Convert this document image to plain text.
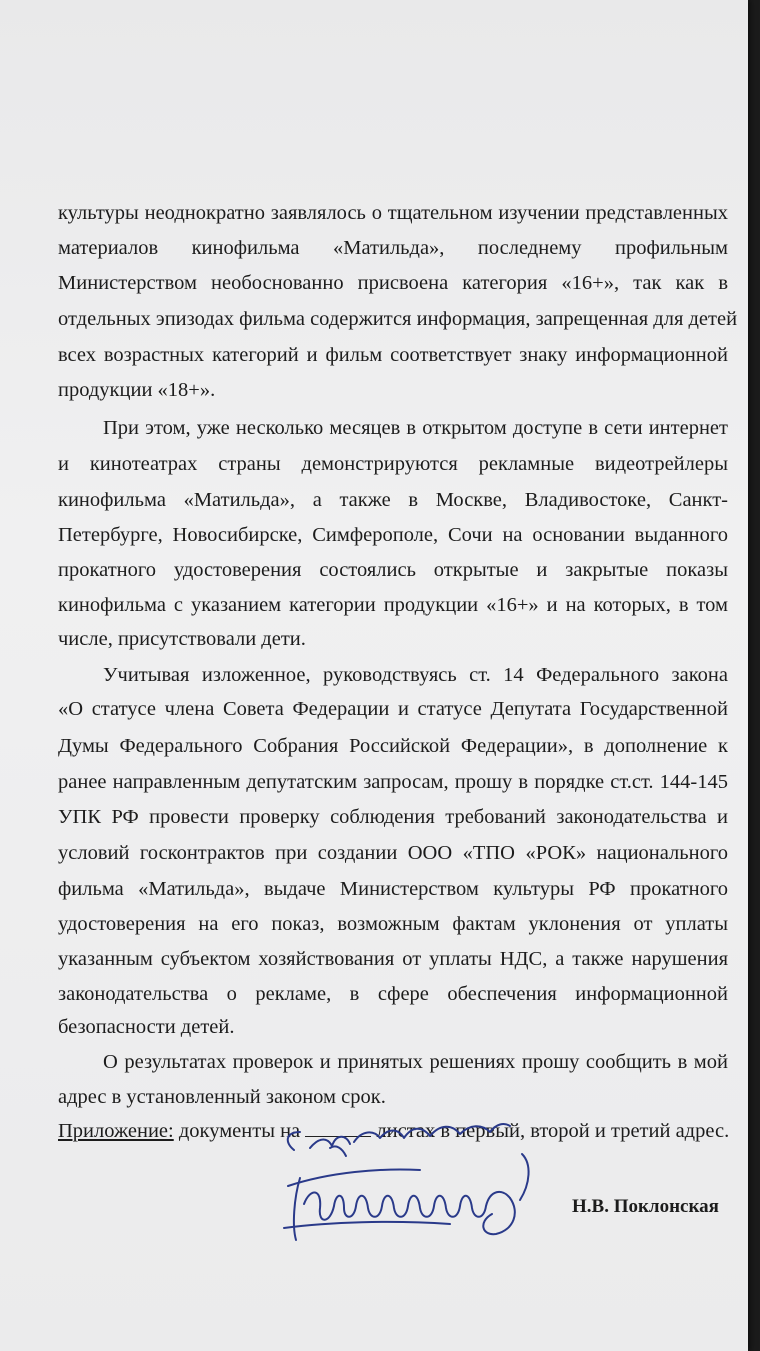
культуры неоднократно заявлялось о тщательном изучении представленных
материалов кинофильма «Матильда», последнему профильным
Министерством необоснованно присвоена категория «16+», так как в
отдельных эпизодах фильма содержится информация, запрещенная для детей
всех возрастных категорий и фильм соответствует знаку информационной
продукции «18+».
При этом, уже несколько месяцев в открытом доступе в сети интернет
и кинотеатрах страны демонстрируются рекламные видеотрейлеры
кинофильма «Матильда», а также в Москве, Владивостоке, Санкт-
Петербурге, Новосибирске, Симферополе, Сочи на основании выданного
прокатного удостоверения состоялись открытые и закрытые показы
кинофильма с указанием категории продукции «16+» и на которых, в том
числе, присутствовали дети.
Учитывая изложенное, руководствуясь ст. 14 Федерального закона
«О статусе члена Совета Федерации и статусе Депутата Государственной
Думы Федерального Собрания Российской Федерации», в дополнение к
ранее направленным депутатским запросам, прошу в порядке ст.ст. 144-145
УПК РФ провести проверку соблюдения требований законодательства и
условий госконтрактов при создании ООО «ТПО «РОК» национального
фильма «Матильда», выдаче Министерством культуры РФ прокатного
удостоверения на его показ, возможным фактам уклонения от уплаты
указанным субъектом хозяйствования от уплаты НДС, а также нарушения
законодательства о рекламе, в сфере обеспечения информационной
безопасности детей.
О результатах проверок и принятых решениях прошу сообщить в мой
адрес в установленный законом срок.
Приложение: документы на	листах в первый, второй и третий адрес.
Н.В. Поклонская
